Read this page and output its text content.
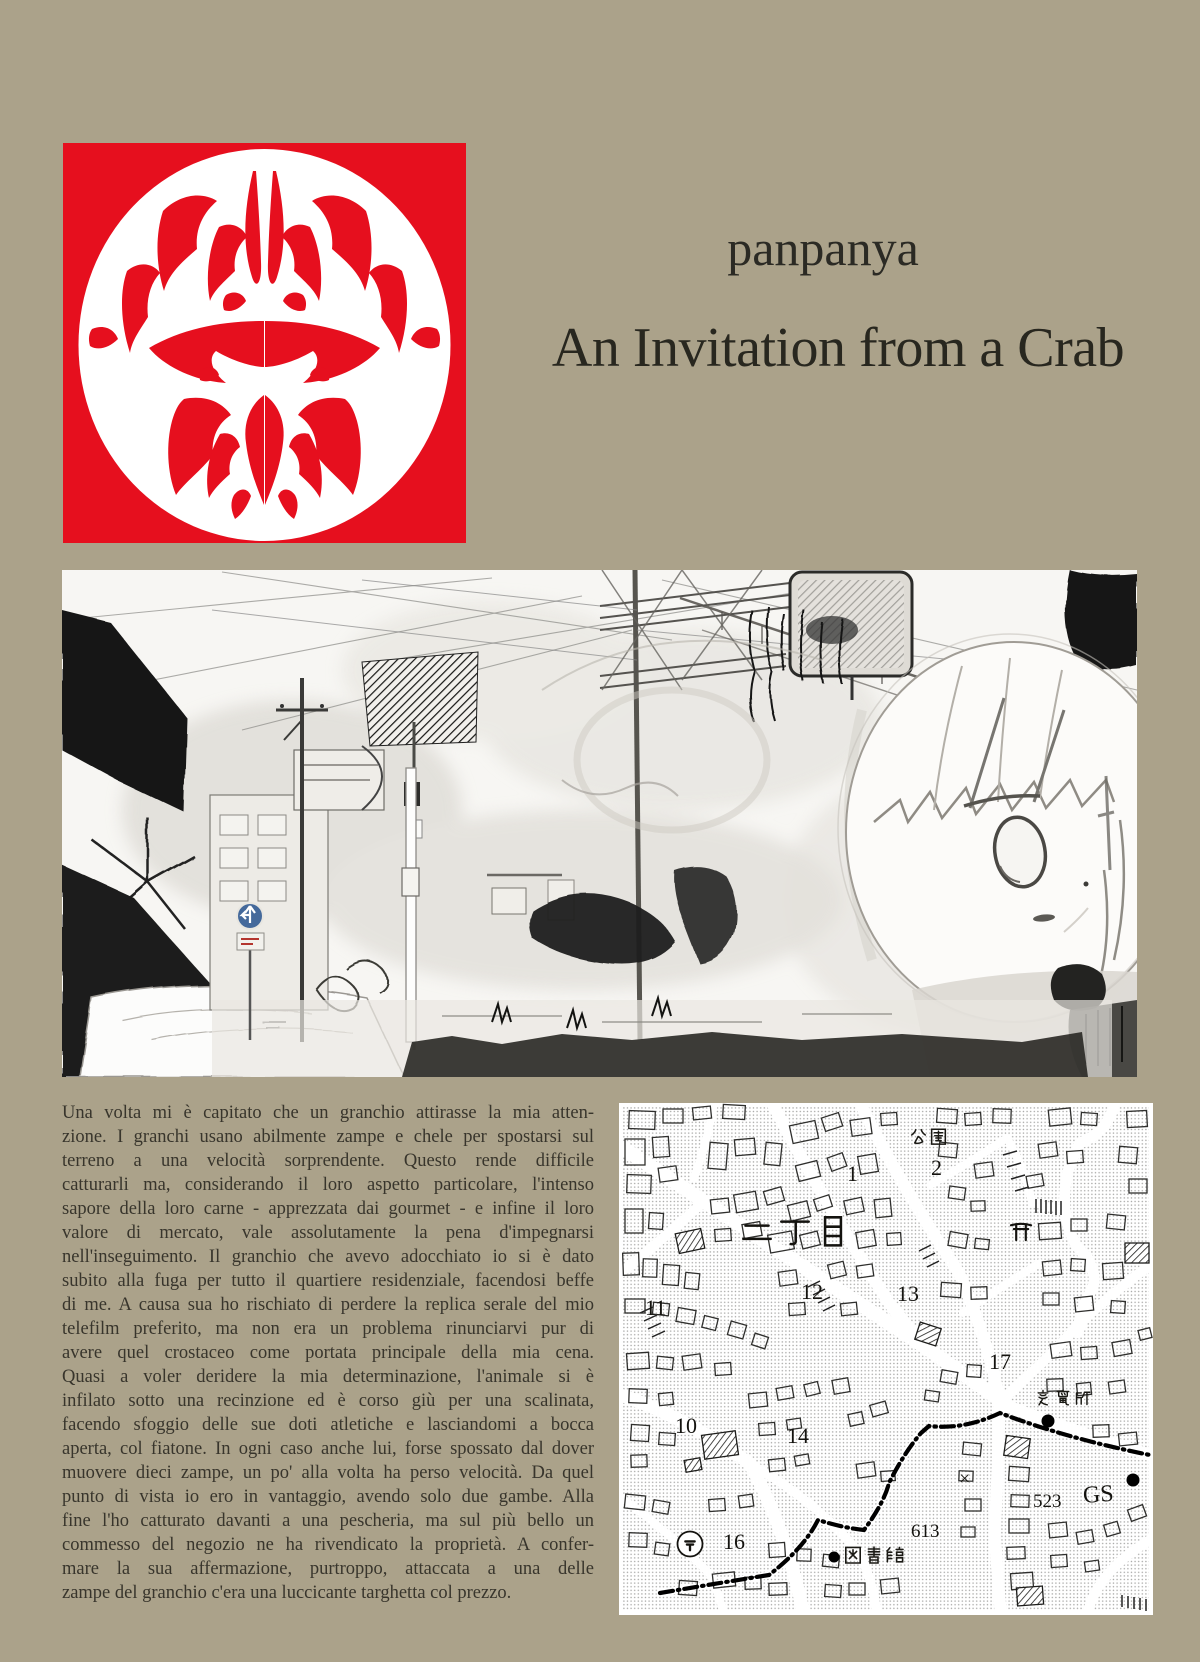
panpanya
An Invitation from a Crab
Una volta mi è capitato che un granchio attirasse la mia atten-
zione. I granchi usano abilmente zampe e chele per spostarsi sul
terreno a una velocità sorprendente. Questo rende difficile
catturarli ma, considerando il loro aspetto particolare, l'intenso
sapore della loro carne - apprezzata dai gourmet - e infine il loro
valore di mercato, vale assolutamente la pena d'impegnarsi
nell'inseguimento. Il granchio che avevo adocchiato io si è dato
subito alla fuga per tutto il quartiere residenziale, facendosi beffe
di me. A causa sua ho rischiato di perdere la replica serale del mio
telefilm preferito, ma non era un problema rinunciarvi pur di
avere quel crostaceo come portata principale della mia cena.
Quasi a voler deridere la mia determinazione, l'animale si è
infilato sotto una recinzione ed è corso giù per una scalinata,
facendo sfoggio delle sue doti atletiche e lasciandomi a bocca
aperta, col fiatone. In ogni caso anche lui, forse spossato dal dover
muovere dieci zampe, un po' alla volta ha perso velocità. Da quel
punto di vista io ero in vantaggio, avendo solo due gambe. Alla
fine l'ho catturato davanti a una pescheria, ma sul più bello un
commesso del negozio ne ha rivendicato la proprietà. A confer-
mare la sua affermazione, purtroppo, attaccata a una delle
zampe del granchio c'era una luccicante targhetta col prezzo.
1	2
12	13
11
17
10	14
16
523
613
GS
×
